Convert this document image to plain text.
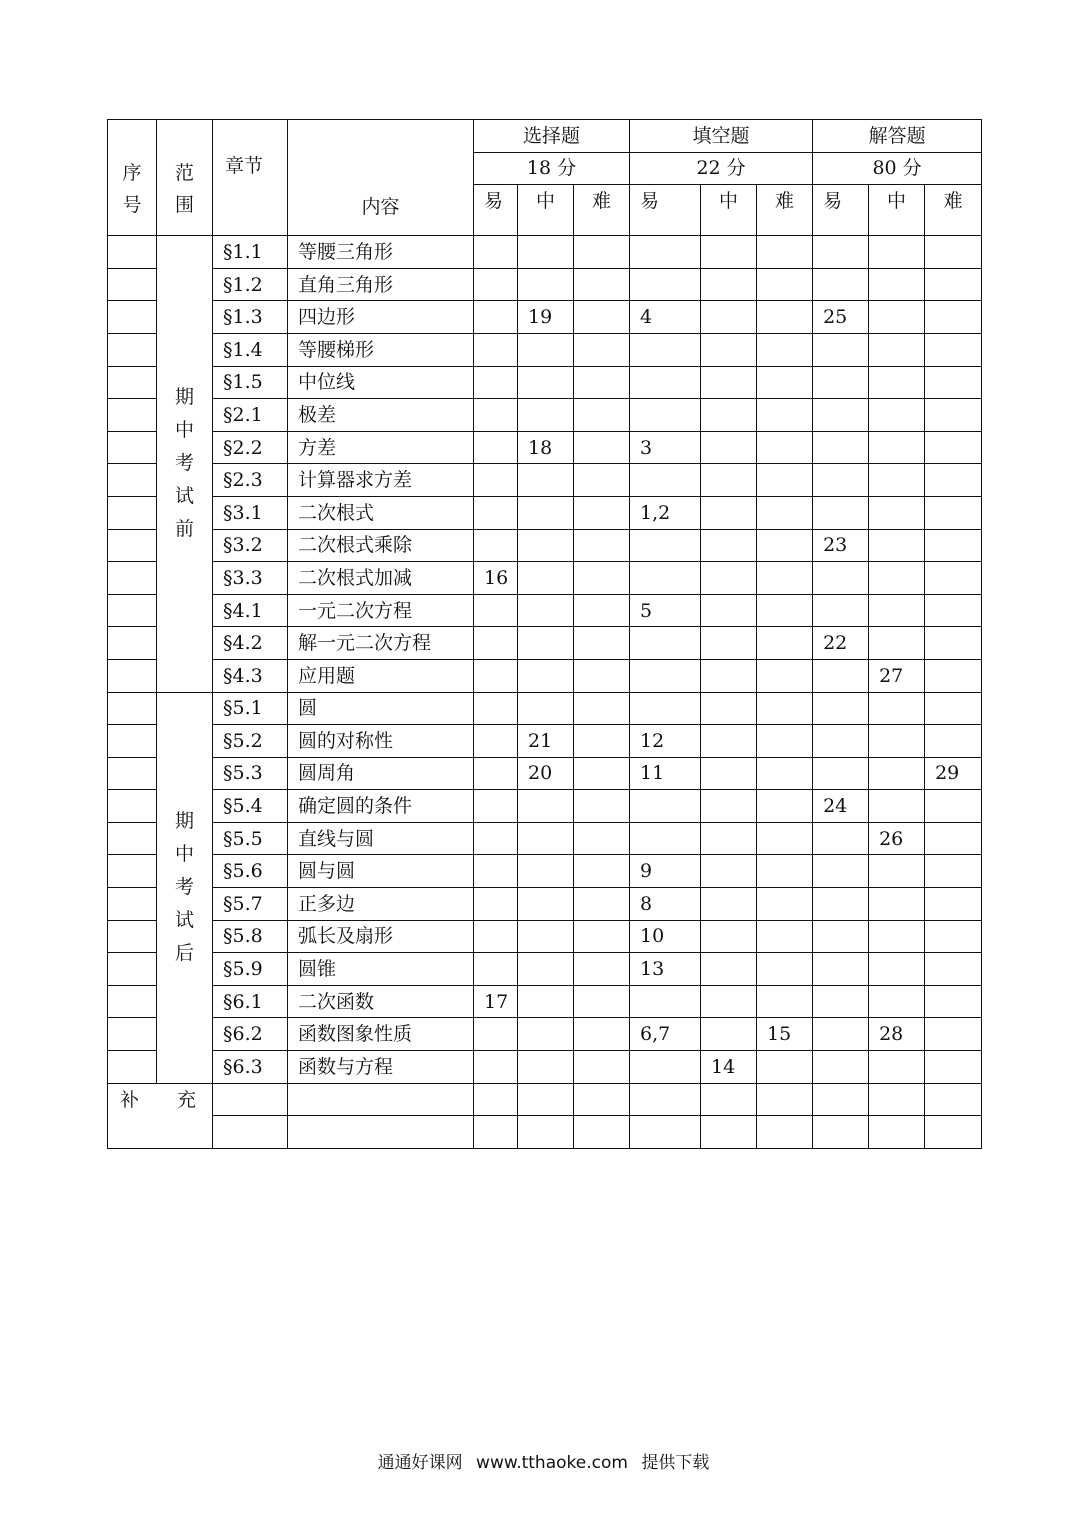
序号	范围	章节	内容	选择题			填空题			解答题		
				18 分			22 分			80 分		
				易	中	难	易	中	难	易	中	难
	期中考试前	§1.1	等腰三角形									
		§1.2	直角三角形									
		§1.3	四边形		19		4			25		
		§1.4	等腰梯形									
		§1.5	中位线									
		§2.1	极差									
		§2.2	方差		18		3					
		§2.3	计算器求方差									
		§3.1	二次根式				1,2					
		§3.2	二次根式乘除							23		
		§3.3	二次根式加减	16								
		§4.1	一元二次方程				5					
		§4.2	解一元二次方程							22		
		§4.3	应用题								27	
	期中考试后	§5.1	圆									
		§5.2	圆的对称性		21		12					
		§5.3	圆周角		20		11					29
		§5.4	确定圆的条件							24		
		§5.5	直线与圆								26	
		§5.6	圆与圆				9					
		§5.7	正多边				8					
		§5.8	弧长及扇形				10					
		§5.9	圆锥				13					
		§6.1	二次函数	17								
		§6.2	函数图象性质				6,7		15		28	
		§6.3	函数与方程					14				
补　　充												

通通好课网 www.tthaoke.com 提供下载
